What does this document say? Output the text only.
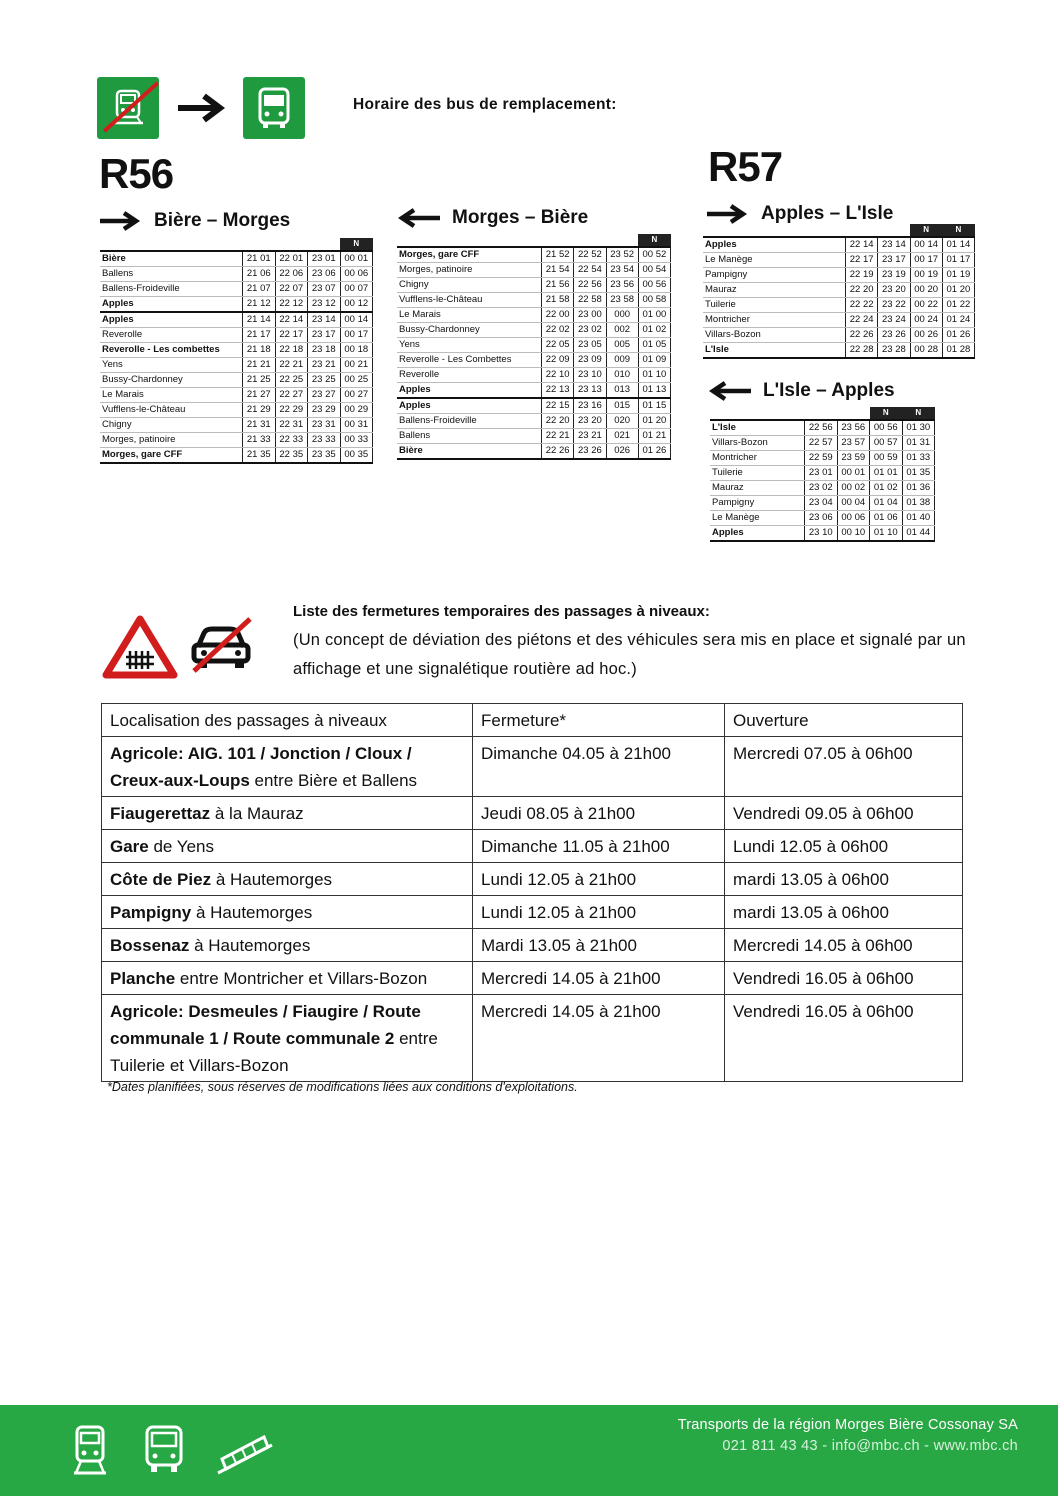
Horaire des bus de remplacement:
R56
Bière – Morges
				N
Bière	21 01	22 01	23 01	00 01
Ballens	21 06	22 06	23 06	00 06
Ballens-Froideville	21 07	22 07	23 07	00 07
Apples	21 12	22 12	23 12	00 12
Apples	21 14	22 14	23 14	00 14
Reverolle	21 17	22 17	23 17	00 17
Reverolle - Les combettes	21 18	22 18	23 18	00 18
Yens	21 21	22 21	23 21	00 21
Bussy-Chardonney	21 25	22 25	23 25	00 25
Le Marais	21 27	22 27	23 27	00 27
Vufflens-le-Château	21 29	22 29	23 29	00 29
Chigny	21 31	22 31	23 31	00 31
Morges, patinoire	21 33	22 33	23 33	00 33
Morges, gare CFF	21 35	22 35	23 35	00 35
Morges – Bière
				N
Morges, gare CFF	21 52	22 52	23 52	00 52
Morges, patinoire	21 54	22 54	23 54	00 54
Chigny	21 56	22 56	23 56	00 56
Vufflens-le-Château	21 58	22 58	23 58	00 58
Le Marais	22 00	23 00	000	01 00
Bussy-Chardonney	22 02	23 02	002	01 02
Yens	22 05	23 05	005	01 05
Reverolle - Les Combettes	22 09	23 09	009	01 09
Reverolle	22 10	23 10	010	01 10
Apples	22 13	23 13	013	01 13
Apples	22 15	23 16	015	01 15
Ballens-Froideville	22 20	23 20	020	01 20
Ballens	22 21	23 21	021	01 21
Bière	22 26	23 26	026	01 26
R57
Apples – L'Isle
			N	N
Apples	22 14	23 14	00 14	01 14
Le Manège	22 17	23 17	00 17	01 17
Pampigny	22 19	23 19	00 19	01 19
Mauraz	22 20	23 20	00 20	01 20
Tuilerie	22 22	23 22	00 22	01 22
Montricher	22 24	23 24	00 24	01 24
Villars-Bozon	22 26	23 26	00 26	01 26
L'Isle	22 28	23 28	00 28	01 28
L'Isle – Apples
			N	N
L'Isle	22 56	23 56	00 56	01 30
Villars-Bozon	22 57	23 57	00 57	01 31
Montricher	22 59	23 59	00 59	01 33
Tuilerie	23 01	00 01	01 01	01 35
Mauraz	23 02	00 02	01 02	01 36
Pampigny	23 04	00 04	01 04	01 38
Le Manège	23 06	00 06	01 06	01 40
Apples	23 10	00 10	01 10	01 44
Liste des fermetures temporaires des passages à niveaux:
(Un concept de déviation des piétons et des véhicules sera mis en place et signalé par un affichage et une signalétique routière ad hoc.)
Localisation des passages à niveaux	Fermeture*	Ouverture
Agricole: AIG. 101 / Jonction / Cloux / Creux-aux-Loups entre Bière et Ballens	Dimanche 04.05 à 21h00	Mercredi 07.05 à 06h00
Fiaugerettaz à la Mauraz	Jeudi 08.05 à 21h00	Vendredi 09.05 à 06h00
Gare de Yens	Dimanche 11.05 à 21h00	Lundi 12.05 à 06h00
Côte de Piez à Hautemorges	Lundi 12.05 à 21h00	mardi 13.05 à 06h00
Pampigny à Hautemorges	Lundi 12.05 à 21h00	mardi 13.05 à 06h00
Bossenaz à Hautemorges	Mardi 13.05 à 21h00	Mercredi 14.05 à 06h00
Planche entre Montricher et Villars-Bozon	Mercredi 14.05 à 21h00	Vendredi 16.05 à 06h00
Agricole: Desmeules / Fiaugire / Route communale 1 / Route communale 2 entre Tuilerie et Villars-Bozon	Mercredi 14.05 à 21h00	Vendredi 16.05 à 06h00
*Dates planifiées, sous réserves de modifications liées aux conditions d'exploitations.
Transports de la région Morges Bière Cossonay SA
021 811 43 43 - info@mbc.ch - www.mbc.ch
